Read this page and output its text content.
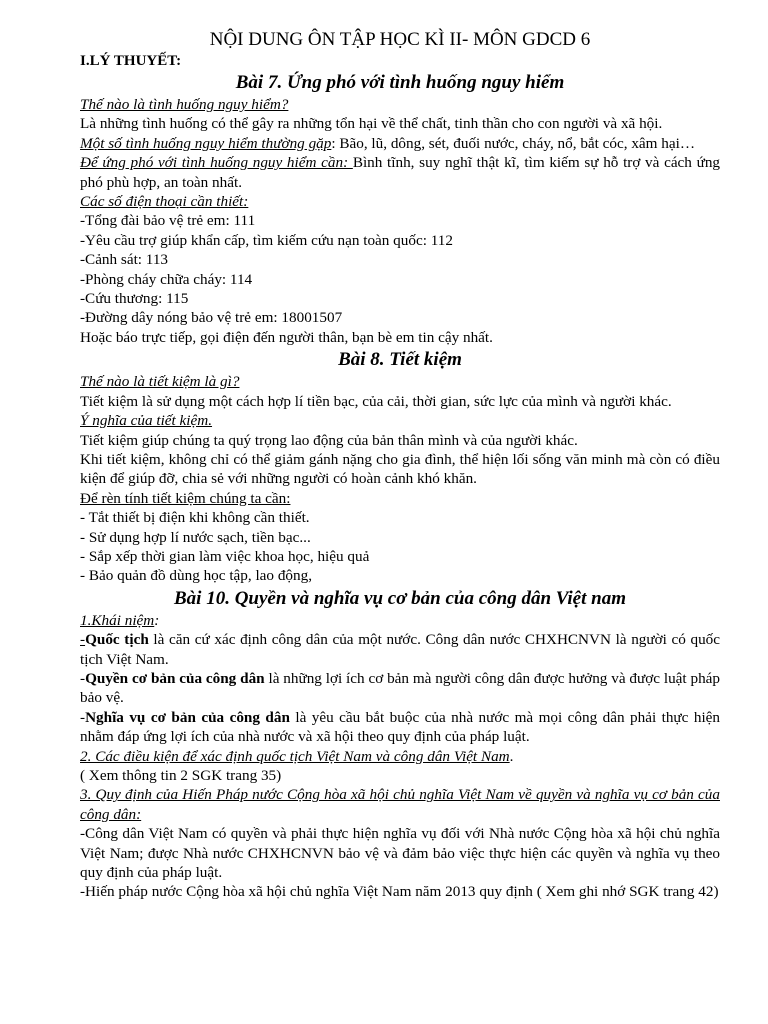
NỘI DUNG ÔN TẬP HỌC KÌ II- MÔN GDCD 6

I.LÝ THUYẾT:

Bài 7. Ứng phó với tình huống nguy hiểm

Thế nào là tình huống nguy hiểm?

Là những tình huống có thể gây ra những tổn hại về thể chất, tinh thần cho con người và xã hội.

Một số tình huống nguy hiểm thường gặp: Bão, lũ, dông, sét, đuối nước, cháy, nổ, bắt cóc, xâm hại…

Để ứng phó với tình huống nguy hiểm cần: Bình tĩnh, suy nghĩ thật kĩ, tìm kiếm sự hỗ trợ và cách ứng phó phù hợp, an toàn nhất.

Các số điện thoại cần thiết:

-Tổng đài bảo vệ trẻ em: 111

-Yêu cầu trợ giúp khẩn cấp, tìm kiếm cứu nạn toàn quốc: 112

-Cảnh sát: 113

-Phòng cháy chữa cháy: 114

-Cứu thương: 115

-Đường dây nóng bảo vệ trẻ em: 18001507

Hoặc báo trực tiếp, gọi điện đến người thân, bạn bè em tin cậy nhất.

Bài 8. Tiết kiệm

Thế nào là tiết kiệm là gì?

Tiết kiệm là sử dụng một cách hợp lí tiền bạc, của cải, thời gian, sức lực của mình và người khác.

Ý nghĩa của tiết kiệm.

Tiết kiệm giúp chúng ta quý trọng lao động của bản thân mình và của người khác.

Khi tiết kiệm, không chỉ có thể giảm gánh nặng cho gia đình, thể hiện lối sống văn minh mà còn có điều kiện để giúp đỡ, chia sẻ với những người có hoàn cảnh khó khăn.

Để rèn tính tiết kiệm chúng ta cần:

- Tắt thiết bị điện khi không cần thiết.

- Sử dụng hợp lí nước sạch, tiền bạc...

- Sắp xếp thời gian làm việc khoa học, hiệu quả

- Bảo quản đồ dùng học tập, lao động,

Bài 10. Quyền và nghĩa vụ cơ bản của công dân Việt nam

1.Khái niệm:

-Quốc tịch là căn cứ xác định công dân của một nước. Công dân nước CHXHCNVN là người có quốc tịch Việt Nam.

-Quyền cơ bản của công dân là những lợi ích cơ bản mà người công dân được hưởng và được luật pháp bảo vệ.

-Nghĩa vụ cơ bản của công dân là yêu cầu bắt buộc của nhà nước mà mọi công dân phải thực hiện nhằm đáp ứng lợi ích của nhà nước và xã hội theo quy định của pháp luật.

2. Các điều kiện để xác định quốc tịch Việt Nam và công dân Việt Nam.

( Xem thông tin 2 SGK trang 35)

3. Quy định của Hiến Pháp nước Cộng hòa xã hội chủ nghĩa Việt Nam về quyền và nghĩa vụ cơ bản của công dân:

-Công dân Việt Nam có quyền và phải thực hiện nghĩa vụ đối với Nhà nước Cộng hòa xã hội chủ nghĩa Việt Nam; được Nhà nước CHXHCNVN bảo vệ và đảm bảo việc thực hiện các quyền và nghĩa vụ theo quy định của pháp luật.

-Hiến pháp nước Cộng hòa xã hội chủ nghĩa Việt Nam năm 2013 quy định ( Xem ghi nhớ SGK trang 42)
